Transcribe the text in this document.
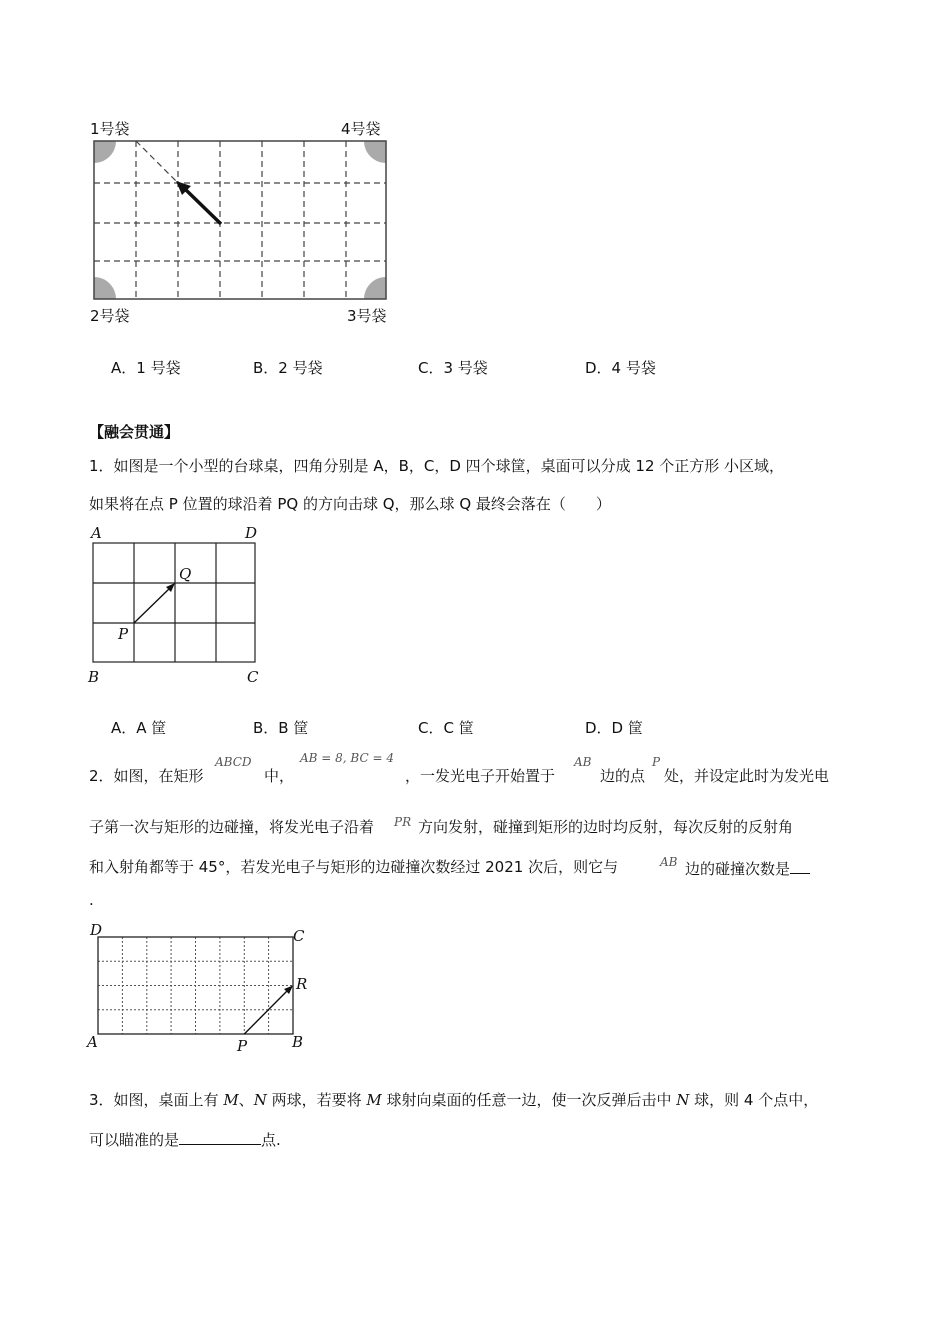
1号袋	4号袋
2号袋	3号袋
A．1 号袋	B．2 号袋	C．3 号袋	D．4 号袋
【融会贯通】
1．如图是一个小型的台球桌，四角分别是 A，B，C，D 四个球筐，桌面可以分成 12 个正方形 小区域，
如果将在点 P 位置的球沿着 PQ 的方向击球 Q，那么球 Q 最终会落在（　　）
A	D
Q
P
B	C
A．A 筐	B．B 筐	C．C 筐	D．D 筐
2．如图，在矩形
ABCD
中，
AB = 8, BC = 4
，一发光电子开始置于
AB
边的点
P
处，并设定此时为发光电
子第一次与矩形的边碰撞，将发光电子沿着 PR 方向发射，碰撞到矩形的边时均反射，每次反射的反射角
和入射角都等于 45°，若发光电子与矩形的边碰撞次数经过 2021 次后，则它与	AB 边的碰撞次数是
.
D	C
R
A	P	B
3．如图，桌面上有 M、N 两球，若要将 M 球射向桌面的任意一边，使一次反弹后击中 N 球，则 4 个点中，
可以瞄准的是	点.
